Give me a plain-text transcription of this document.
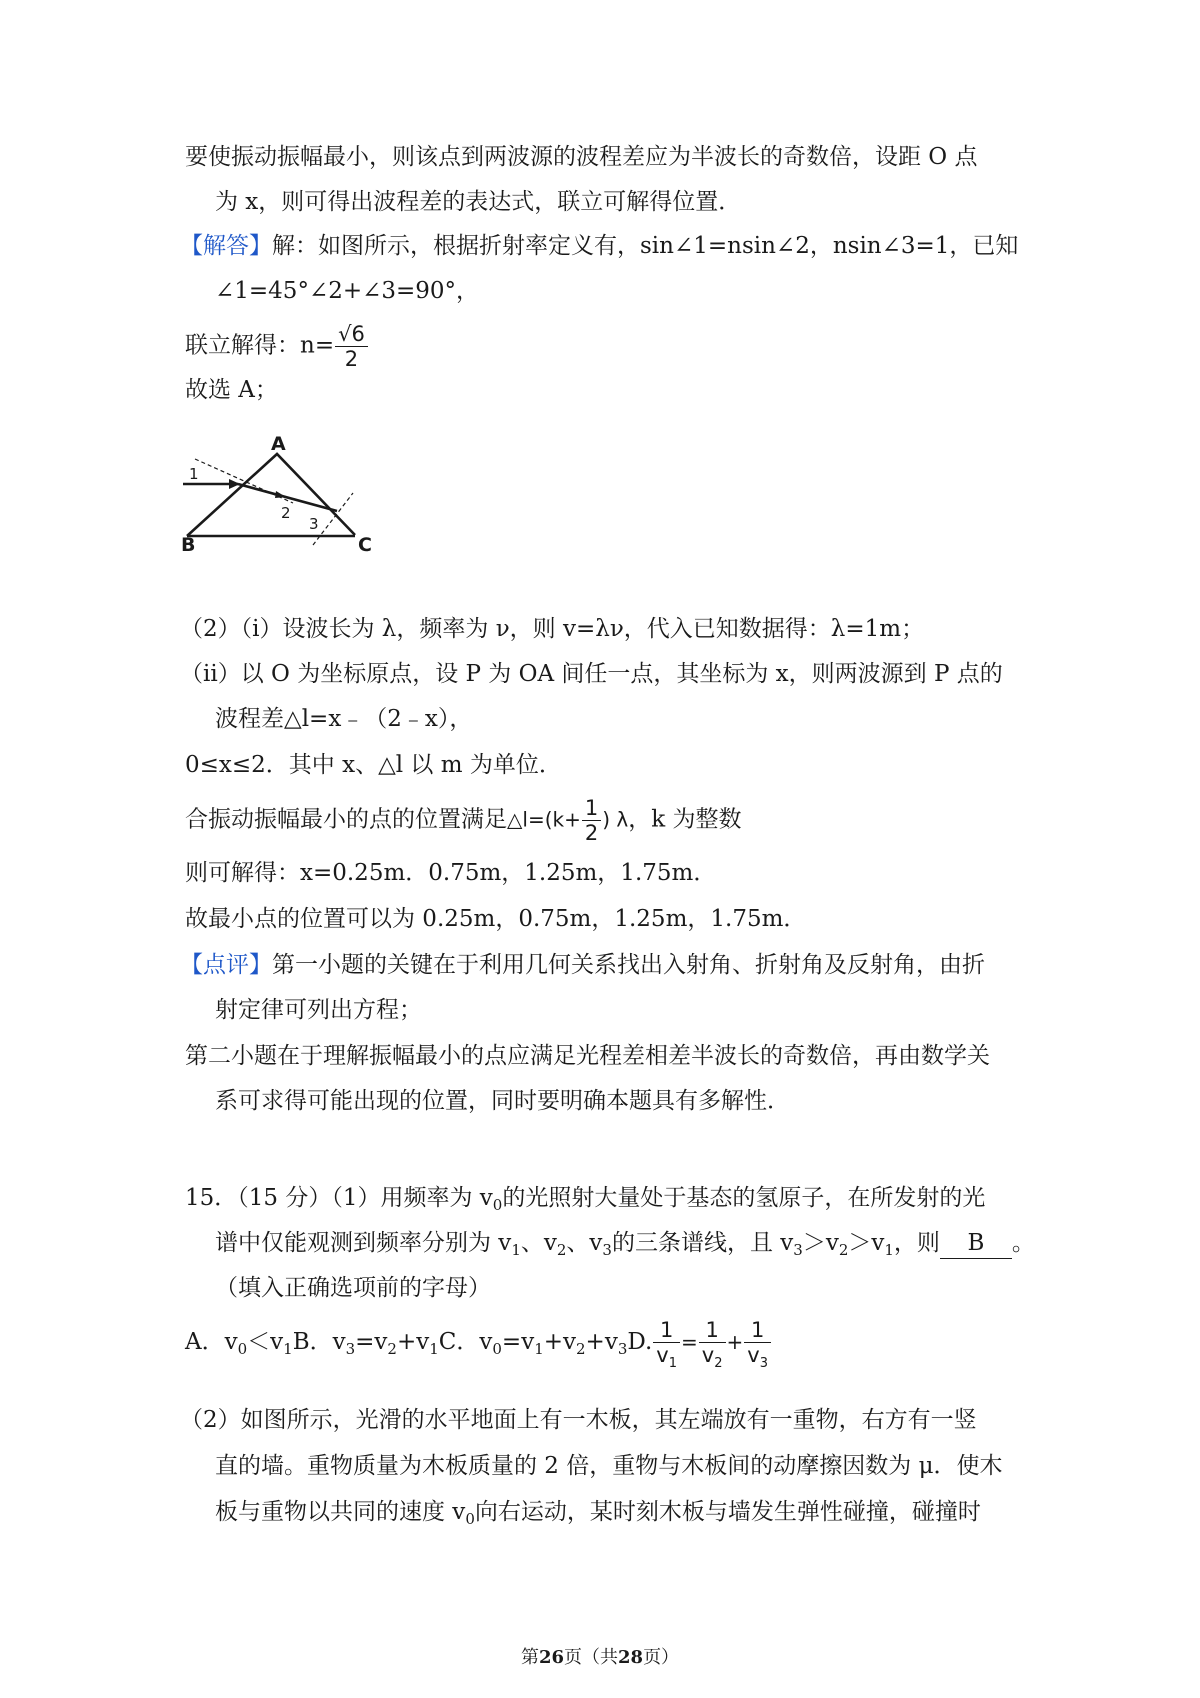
要使振动振幅最小，则该点到两波源的波程差应为半波长的奇数倍，设距 O 点
为 x，则可得出波程差的表达式，联立可解得位置．
【解答】解：如图所示，根据折射率定义有，sin∠1=nsin∠2，nsin∠3=1，已知
∠1=45°∠2+∠3=90°，
联立解得：$n= \frac{√6}{2}$
故选 A；
A
B	C
1
2
3
（2）（i）设波长为 λ，频率为 ν，则 v=λν，代入已知数据得：λ=1m；
（ii）以 O 为坐标原点，设 P 为 OA 间任一点，其坐标为 x，则两波源到 P 点的
波程差△l=x﹣（2﹣x），
0≤x≤2．其中 x、△l 以 m 为单位．
合振动振幅最小的点的位置满足△l=(k+ $\frac{1}{2}$ ) λ，k 为整数
则可解得：x=0.25m．0.75m，1.25m，1.75m．
故最小点的位置可以为 0.25m，0.75m，1.25m，1.75m．
【点评】第一小题的关键在于利用几何关系找出入射角、折射角及反射角，由折
射定律可列出方程；
第二小题在于理解振幅最小的点应满足光程差相差半波长的奇数倍，再由数学关
系可求得可能出现的位置，同时要明确本题具有多解性．
15．（15 分）（1）用频率为 $v_0$的光照射大量处于基态的氢原子，在所发射的光
谱中仅能观测到频率分别为 $v_1$、$v_2$、$v_3$的三条谱线，且 $v_3>v_2>v_1$，则 B 。
（填入正确选项前的字母）
A．$v_0<v_1B$．$v_3=v_2+v_1C$．$v_0=v_1+v_2+v_3D$. $\frac{1}{v_1} = \frac{1}{v_2} + \frac{1}{v_3}$
（2）如图所示，光滑的水平地面上有一木板，其左端放有一重物，右方有一竖
直的墙。重物质量为木板质量的 2 倍，重物与木板间的动摩擦因数为 μ．使木
板与重物以共同的速度 $v_0$向右运动，某时刻木板与墙发生弹性碰撞，碰撞时
第26页（共28页）
